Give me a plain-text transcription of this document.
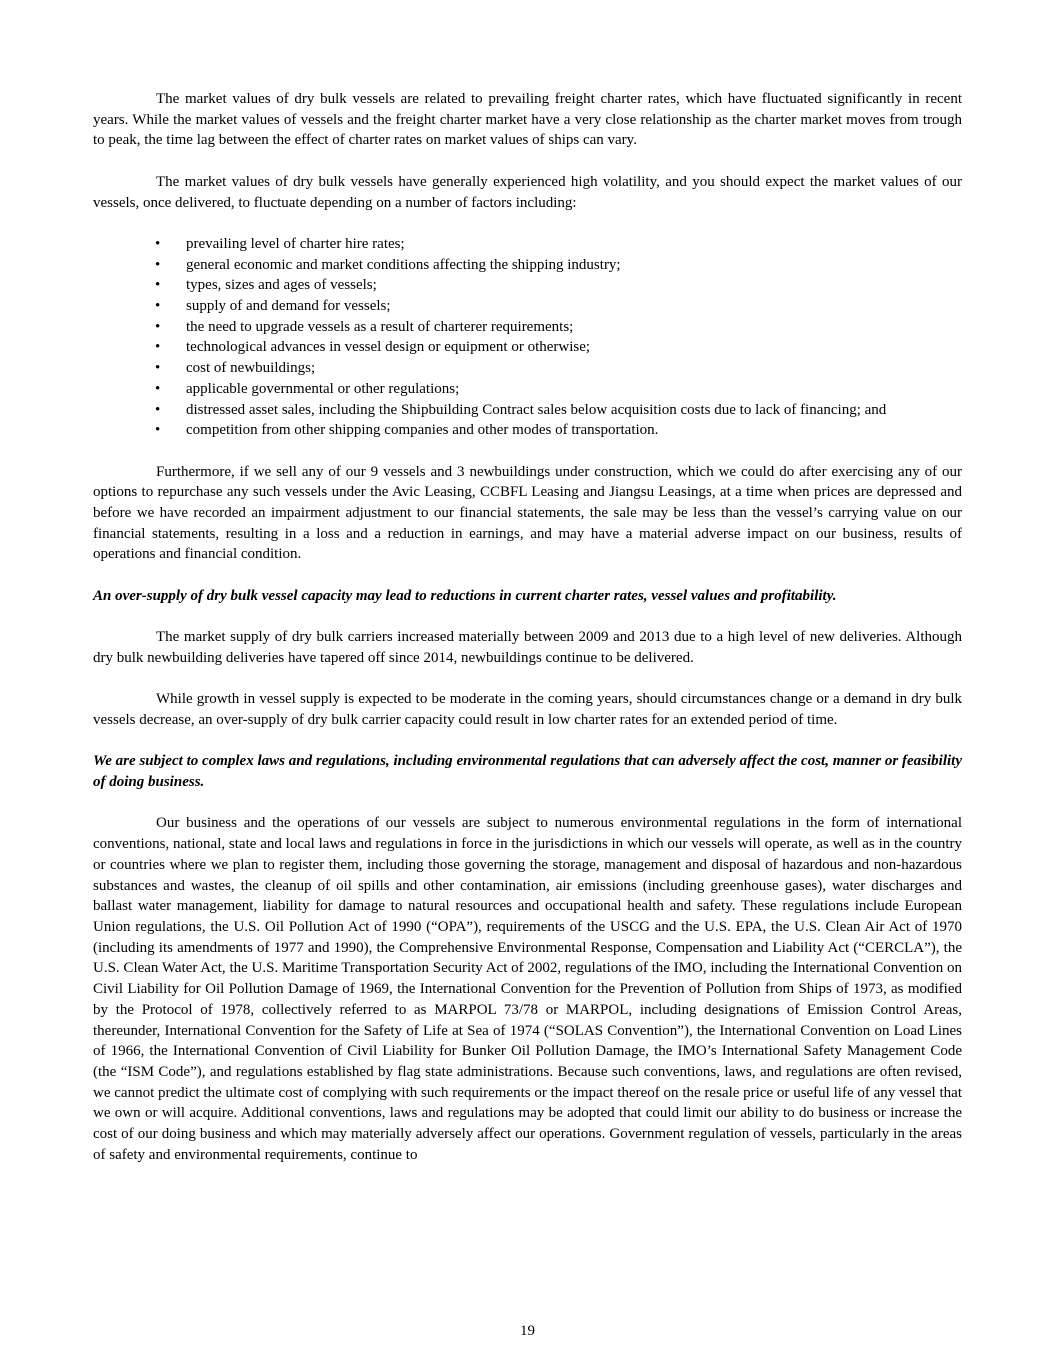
The market values of dry bulk vessels are related to prevailing freight charter rates, which have fluctuated significantly in recent years. While the market values of vessels and the freight charter market have a very close relationship as the charter market moves from trough to peak, the time lag between the effect of charter rates on market values of ships can vary.

The market values of dry bulk vessels have generally experienced high volatility, and you should expect the market values of our vessels, once delivered, to fluctuate depending on a number of factors including:

• prevailing level of charter hire rates;
• general economic and market conditions affecting the shipping industry;
• types, sizes and ages of vessels;
• supply of and demand for vessels;
• the need to upgrade vessels as a result of charterer requirements;
• technological advances in vessel design or equipment or otherwise;
• cost of newbuildings;
• applicable governmental or other regulations;
• distressed asset sales, including the Shipbuilding Contract sales below acquisition costs due to lack of financing; and
• competition from other shipping companies and other modes of transportation.

Furthermore, if we sell any of our 9 vessels and 3 newbuildings under construction, which we could do after exercising any of our options to repurchase any such vessels under the Avic Leasing, CCBFL Leasing and Jiangsu Leasings, at a time when prices are depressed and before we have recorded an impairment adjustment to our financial statements, the sale may be less than the vessel’s carrying value on our financial statements, resulting in a loss and a reduction in earnings, and may have a material adverse impact on our business, results of operations and financial condition.

An over-supply of dry bulk vessel capacity may lead to reductions in current charter rates, vessel values and profitability.

The market supply of dry bulk carriers increased materially between 2009 and 2013 due to a high level of new deliveries. Although dry bulk newbuilding deliveries have tapered off since 2014, newbuildings continue to be delivered.

While growth in vessel supply is expected to be moderate in the coming years, should circumstances change or a demand in dry bulk vessels decrease, an over-supply of dry bulk carrier capacity could result in low charter rates for an extended period of time.

We are subject to complex laws and regulations, including environmental regulations that can adversely affect the cost, manner or feasibility of doing business.

Our business and the operations of our vessels are subject to numerous environmental regulations in the form of international conventions, national, state and local laws and regulations in force in the jurisdictions in which our vessels will operate, as well as in the country or countries where we plan to register them, including those governing the storage, management and disposal of hazardous and non-hazardous substances and wastes, the cleanup of oil spills and other contamination, air emissions (including greenhouse gases), water discharges and ballast water management, liability for damage to natural resources and occupational health and safety. These regulations include European Union regulations, the U.S. Oil Pollution Act of 1990 (“OPA”), requirements of the USCG and the U.S. EPA, the U.S. Clean Air Act of 1970 (including its amendments of 1977 and 1990), the Comprehensive Environmental Response, Compensation and Liability Act (“CERCLA”), the U.S. Clean Water Act, the U.S. Maritime Transportation Security Act of 2002, regulations of the IMO, including the International Convention on Civil Liability for Oil Pollution Damage of 1969, the International Convention for the Prevention of Pollution from Ships of 1973, as modified by the Protocol of 1978, collectively referred to as MARPOL 73/78 or MARPOL, including designations of Emission Control Areas, thereunder, International Convention for the Safety of Life at Sea of 1974 (“SOLAS Convention”), the International Convention on Load Lines of 1966, the International Convention of Civil Liability for Bunker Oil Pollution Damage, the IMO’s International Safety Management Code (the “ISM Code”), and regulations established by flag state administrations. Because such conventions, laws, and regulations are often revised, we cannot predict the ultimate cost of complying with such requirements or the impact thereof on the resale price or useful life of any vessel that we own or will acquire. Additional conventions, laws and regulations may be adopted that could limit our ability to do business or increase the cost of our doing business and which may materially adversely affect our operations. Government regulation of vessels, particularly in the areas of safety and environmental requirements, continue to

19
